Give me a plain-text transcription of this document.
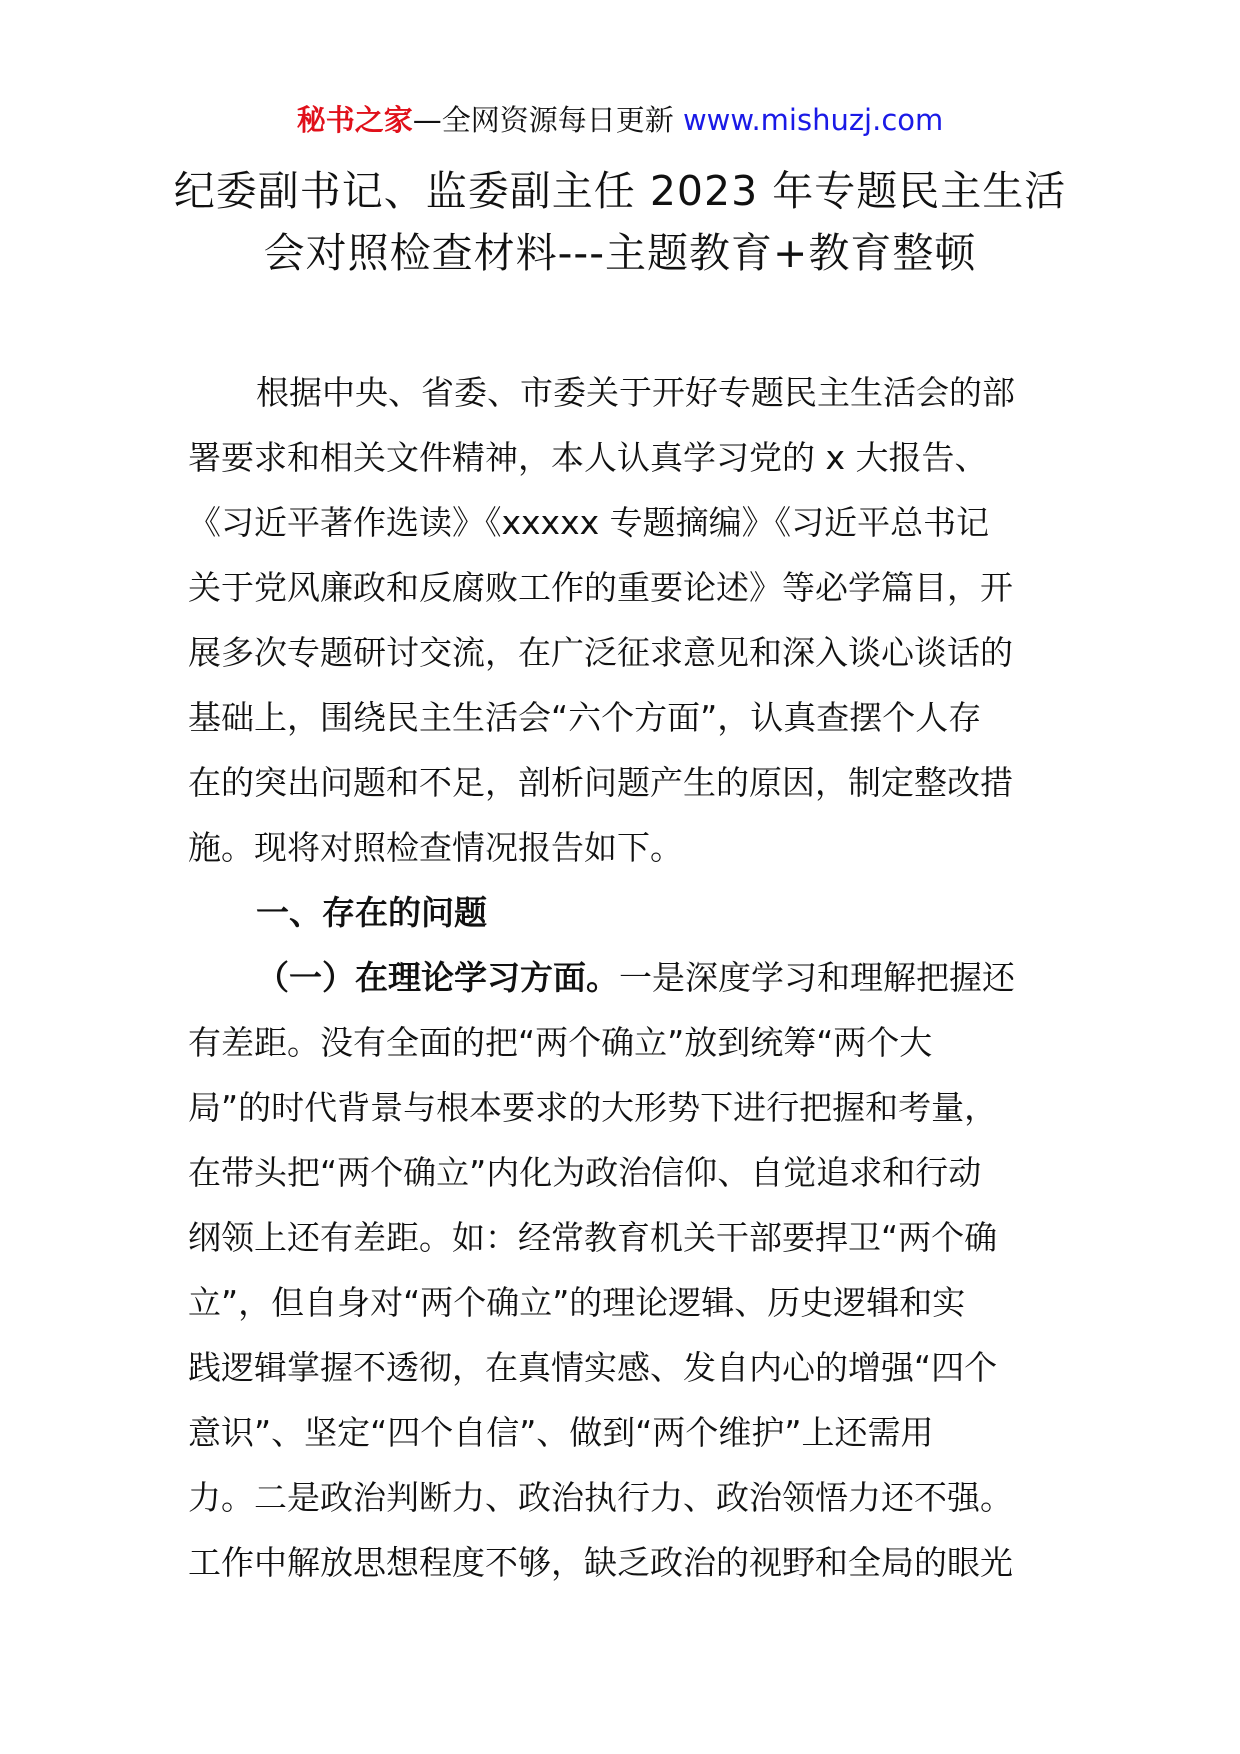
秘书之家—全网资源每日更新 www.mishuzj.com
纪委副书记、监委副主任 2023 年专题民主生活
会对照检查材料---主题教育+教育整顿
根据中央、省委、市委关于开好专题民主生活会的部
署要求和相关文件精神，本人认真学习党的 x 大报告、
《习近平著作选读》《xxxxx 专题摘编》《习近平总书记
关于党风廉政和反腐败工作的重要论述》等必学篇目，开
展多次专题研讨交流，在广泛征求意见和深入谈心谈话的
基础上，围绕民主生活会“六个方面”，认真查摆个人存
在的突出问题和不足，剖析问题产生的原因，制定整改措
施。现将对照检查情况报告如下。
一、存在的问题
（一）在理论学习方面。一是深度学习和理解把握还
有差距。没有全面的把“两个确立”放到统筹“两个大
局”的时代背景与根本要求的大形势下进行把握和考量，
在带头把“两个确立”内化为政治信仰、自觉追求和行动
纲领上还有差距。如：经常教育机关干部要捍卫“两个确
立”，但自身对“两个确立”的理论逻辑、历史逻辑和实
践逻辑掌握不透彻，在真情实感、发自内心的增强“四个
意识”、坚定“四个自信”、做到“两个维护”上还需用
力。二是政治判断力、政治执行力、政治领悟力还不强。
工作中解放思想程度不够，缺乏政治的视野和全局的眼光
